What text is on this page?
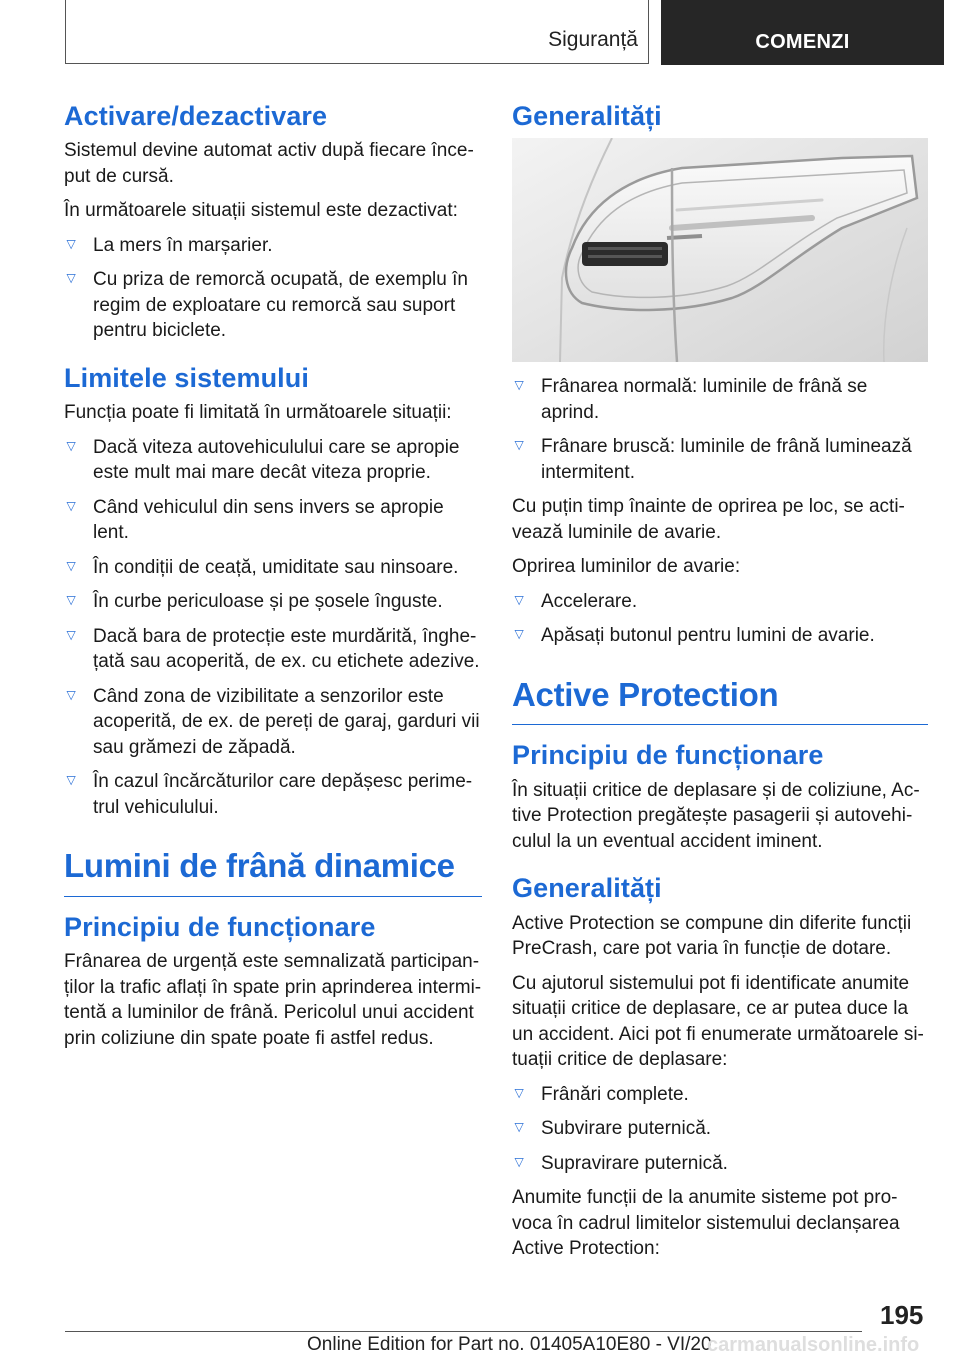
Siguranță	COMENZI
Activare/dezactivare

Sistemul devine automat activ după fiecare înce-put de cursă.

În următoarele situații sistemul este dezactivat:

▷ La mers în marșarier.
▷ Cu priza de remorcă ocupată, de exemplu în regim de exploatare cu remorcă sau suport pentru biciclete.
Limitele sistemului

Funcția poate fi limitată în următoarele situații:

▷ Dacă viteza autovehiculului care se apropie este mult mai mare decât viteza proprie.
▷ Când vehiculul din sens invers se apropie lent.
▷ În condiții de ceață, umiditate sau ninsoare.
▷ În curbe periculoase și pe șosele înguste.
▷ Dacă bara de protecție este murdărită, înghe-țată sau acoperită, de ex. cu etichete adezive.
▷ Când zona de vizibilitate a senzorilor este acoperită, de ex. de pereți de garaj, garduri vii sau grămezi de zăpadă.
▷ În cazul încărcăturilor care depășesc perime-trul vehiculului.
Lumini de frână dinamice
Principiu de funcționare

Frânarea de urgență este semnalizată participan-ților la trafic aflați în spate prin aprinderea intermi-tentă a luminilor de frână. Pericolul unui accident prin coliziune din spate poate fi astfel redus.

Generalități
▷ Frânarea normală: luminile de frână se aprind.
▷ Frânare bruscă: luminile de frână luminează intermitent.

Cu puțin timp înainte de oprirea pe loc, se acti-vează luminile de avarie.

Oprirea luminilor de avarie:

▷ Accelerare.
▷ Apăsați butonul pentru lumini de avarie.
Active Protection
Principiu de funcționare

În situații critice de deplasare și de coliziune, Ac-tive Protection pregătește pasagerii și autovehi-culul la un eventual accident iminent.

Generalități

Active Protection se compune din diferite funcții PreCrash, care pot varia în funcție de dotare.

Cu ajutorul sistemului pot fi identificate anumite situații critice de deplasare, ce ar putea duce la un accident. Aici pot fi enumerate următoarele si-tuații critice de deplasare:

▷ Frânări complete.
▷ Subvirare puternică.
▷ Supravirare puternică.

Anumite funcții de la anumite sisteme pot pro-voca în cadrul limitelor sistemului declanșarea Active Protection:

195
Online Edition for Part no. 01405A10E80 - VI/20
carmanualsonline.info
